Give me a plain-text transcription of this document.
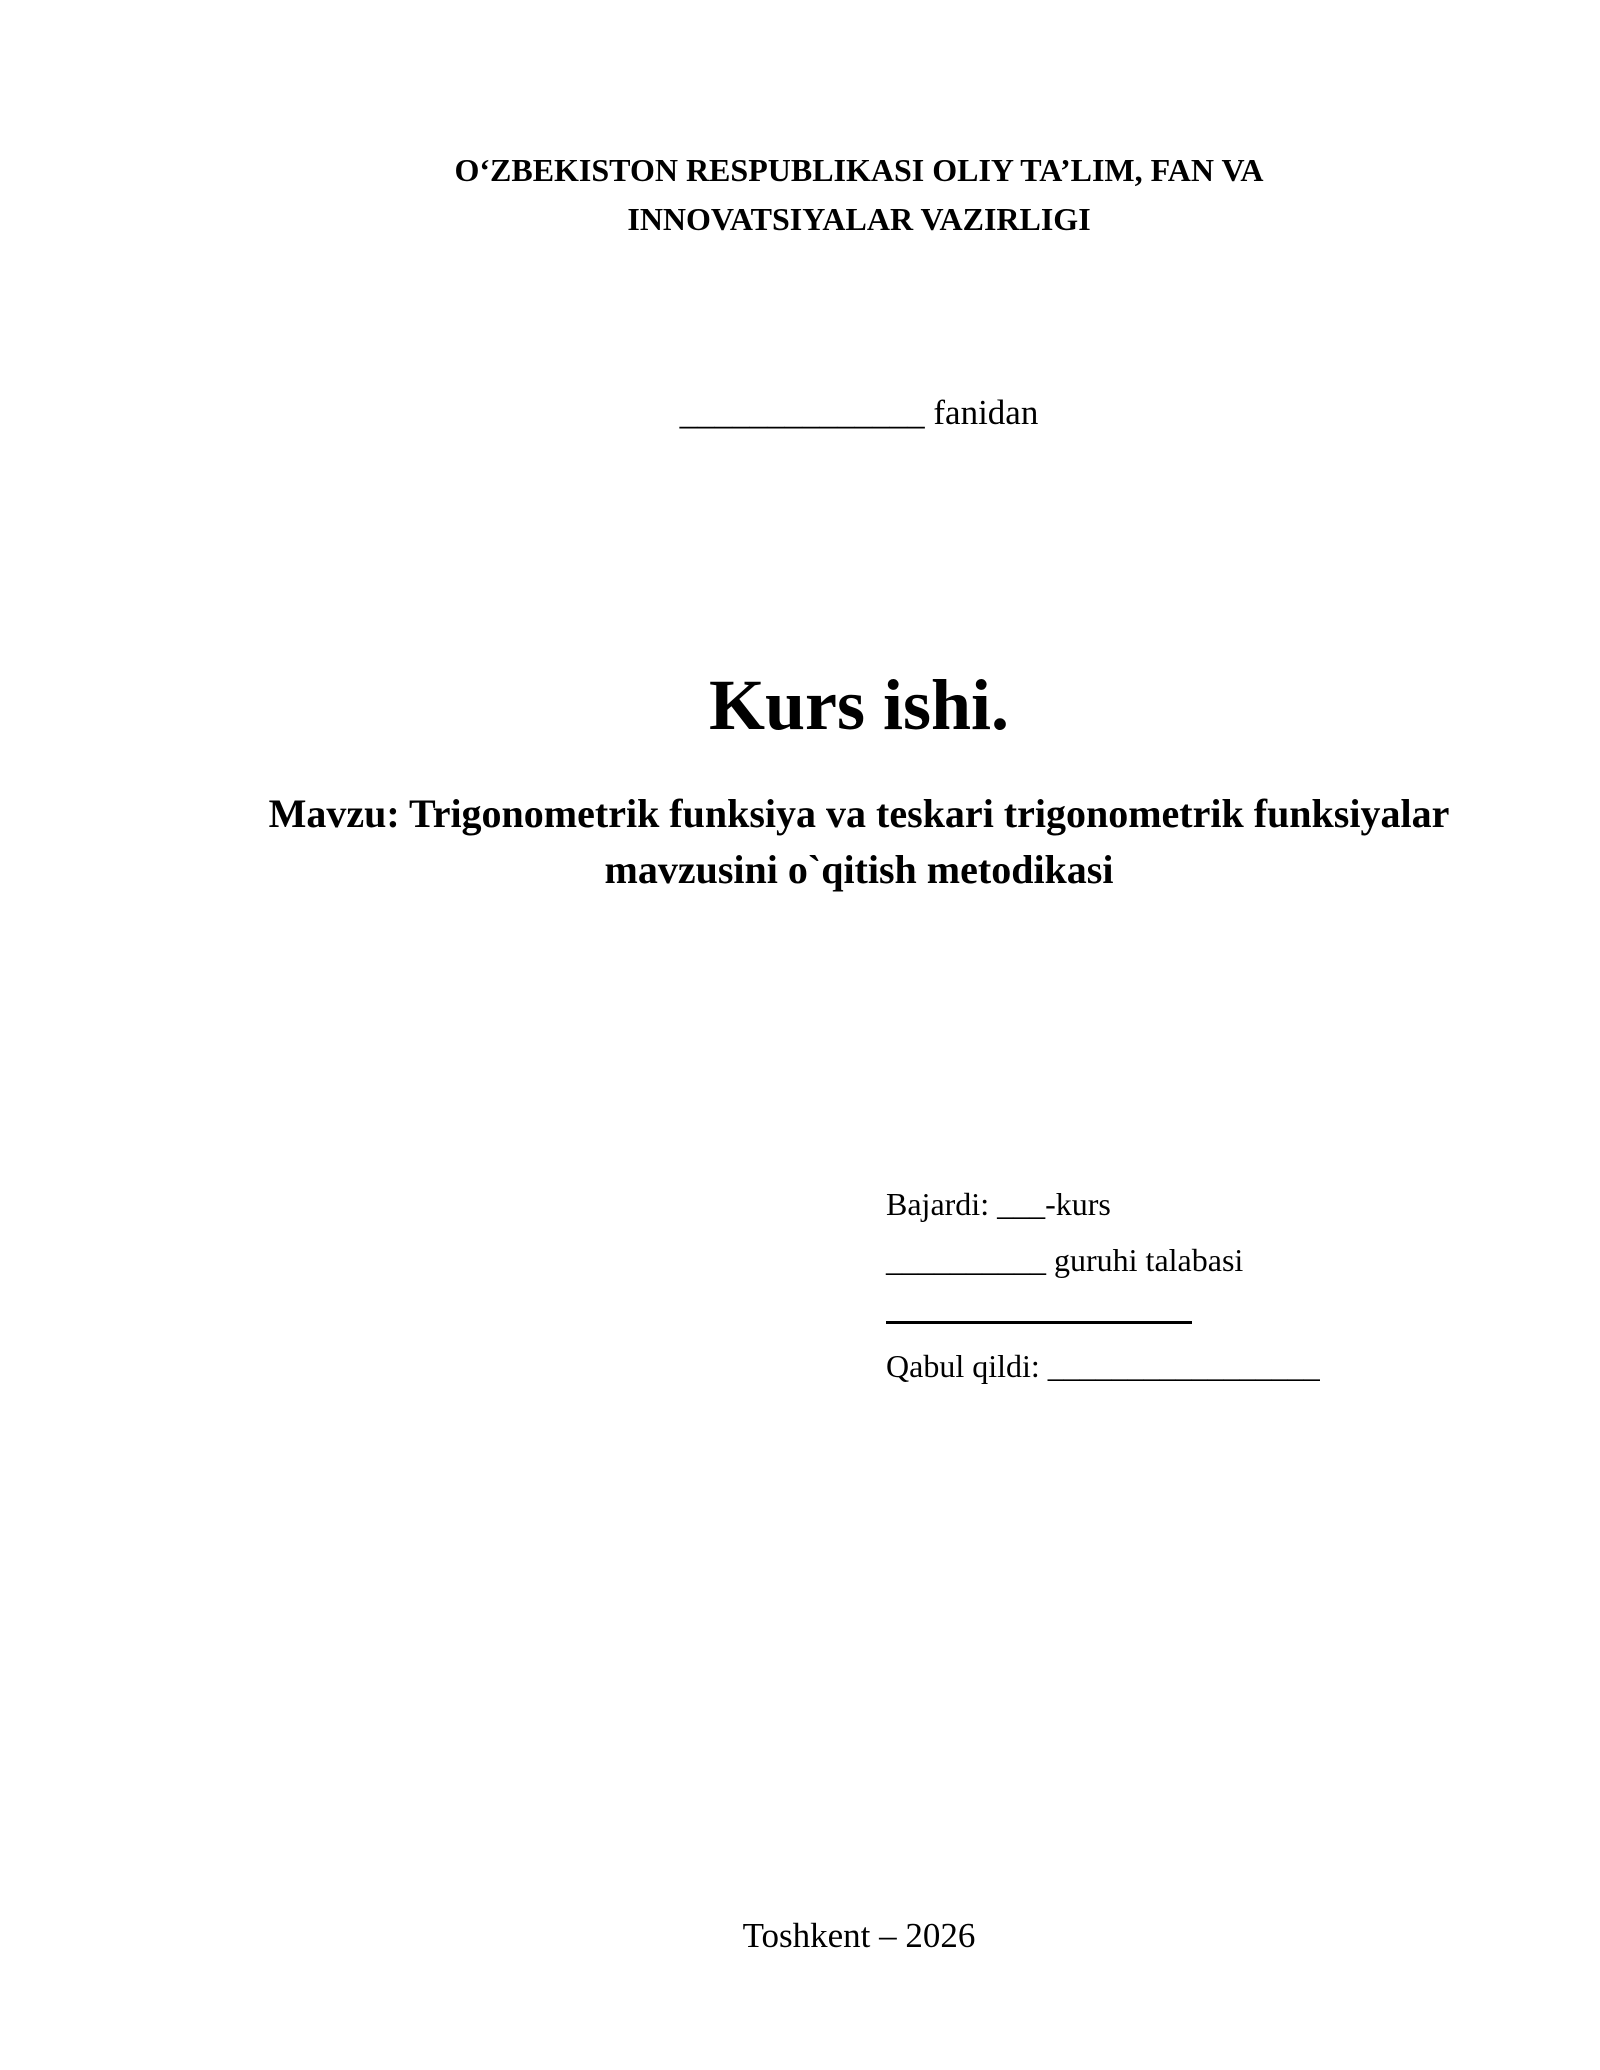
O‘ZBEKISTON RESPUBLIKASI OLIY TA’LIM, FAN VA
INNOVATSIYALAR VAZIRLIGI
______________ fanidan
Kurs ishi.
Mavzu: Trigonometrik funksiya va teskari trigonometrik funksiyalar
mavzusini o`qitish metodikasi
Bajardi: ___-kurs
__________ guruhi talabasi
Qabul qildi: _________________
Toshkent – 2026
